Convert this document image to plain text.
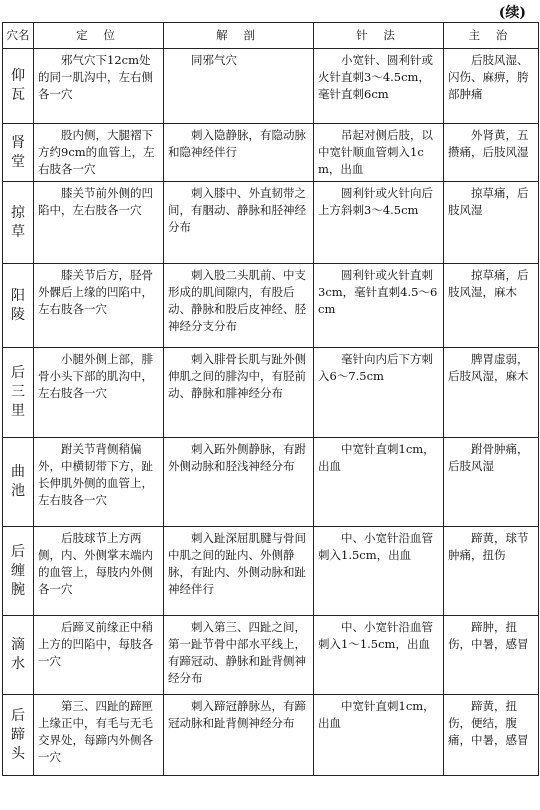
(续)
穴名	定 位	解 剖	针 法	主 治

仰
瓦	邪气穴下12cm处的同一肌沟中，左右侧各一穴	同邪气穴	小宽针、圆利针或火针直刺3～4.5cm，毫针直刺6cm	后肢风湿、闪伤、麻痹，胯部肿痛

肾
堂	股内侧，大腿褶下方约9cm的血管上，左右肢各一穴	刺入隐静脉，有隐动脉和隐神经伴行	吊起对侧后肢，以中宽针顺血管刺入1cm，出血	外肾黄，五攒痛，后肢风湿

掠
草	膝关节前外侧的凹陷中，左右肢各一穴	刺入膝中、外直韧带之间，有胭动、静脉和胫神经分布	圆利针或火针向后上方斜刺3～4.5cm	掠草痛，后肢风湿

阳
陵	膝关节后方，胫骨外髁后上缘的凹陷中，左右肢各一穴	刺入股二头肌前、中支形成的肌间隙内，有股后动、静脉和股后皮神经、胫神经分支分布	圆利针或火针直刺3cm，毫针直刺4.5～6cm	掠草痛，后肢风湿，麻木

后
三
里	小腿外侧上部，腓骨小头下部的肌沟中，左右肢各一穴	刺入腓骨长肌与趾外侧伸肌之间的腓沟中，有胫前动、静脉和腓神经分布	毫针向内后下方刺入6～7.5cm	脾胃虚弱，后肢风湿，麻木

曲
池	跗关节背侧稍偏外，中横韧带下方，趾长伸肌外侧的血管上，左右肢各一穴	刺入跖外侧静脉，有跗外侧动脉和胫浅神经分布	中宽针直刺1cm，出血	跗骨肿痛，后肢风湿

后
缠
腕	后肢球节上方两侧，内、外侧掌末端内的血管上，每肢内外侧各一穴	刺入趾深屈肌腱与骨间中肌之间的趾内、外侧静脉，有趾内、外侧动脉和趾神经伴行	中、小宽针沿血管刺入1.5cm，出血	蹄黄，球节肿痛，扭伤

滴
水	后蹄叉前缘正中稍上方的凹陷中，每肢各一穴	刺入第三、四趾之间，第一趾节骨中部水平线上，有蹄冠动、静脉和趾背侧神经分布	中、小宽针沿血管刺入1～1.5cm，出血	蹄肿，扭伤，中暑，感冒

后
蹄
头	第三、四趾的蹄匣上缘正中，有毛与无毛交界处，每蹄内外侧各一穴	刺入蹄冠静脉丛，有蹄冠动脉和趾背侧神经分布	中宽针直刺1cm，出血	蹄黄，扭伤，便结，腹痛，中暑，感冒
